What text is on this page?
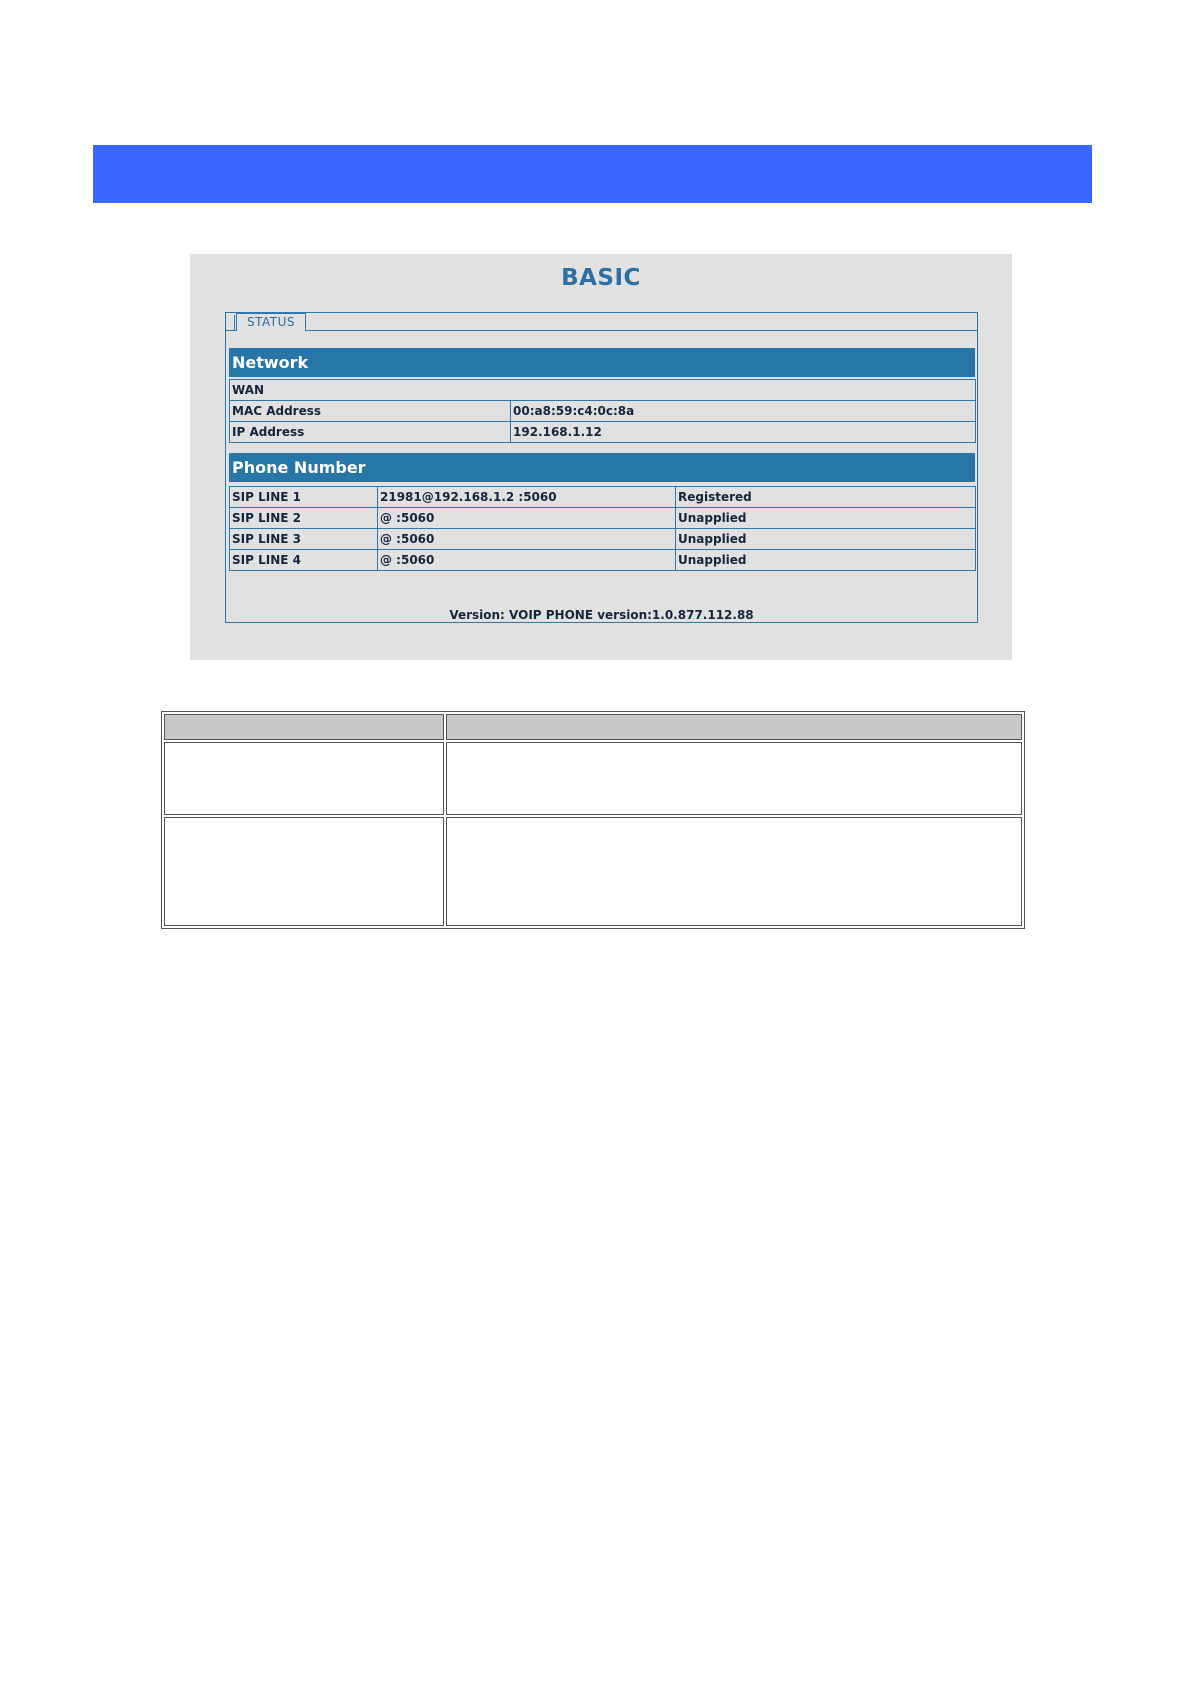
BASIC
STATUS
Network
WAN	
MAC Address	00:a8:59:c4:0c:8a
IP Address	192.168.1.12
Phone Number
SIP LINE 1	21981@192.168.1.2 :5060	Registered
SIP LINE 2	@ :5060	Unapplied
SIP LINE 3	@ :5060	Unapplied
SIP LINE 4	@ :5060	Unapplied
Version: VOIP PHONE version:1.0.877.112.88
